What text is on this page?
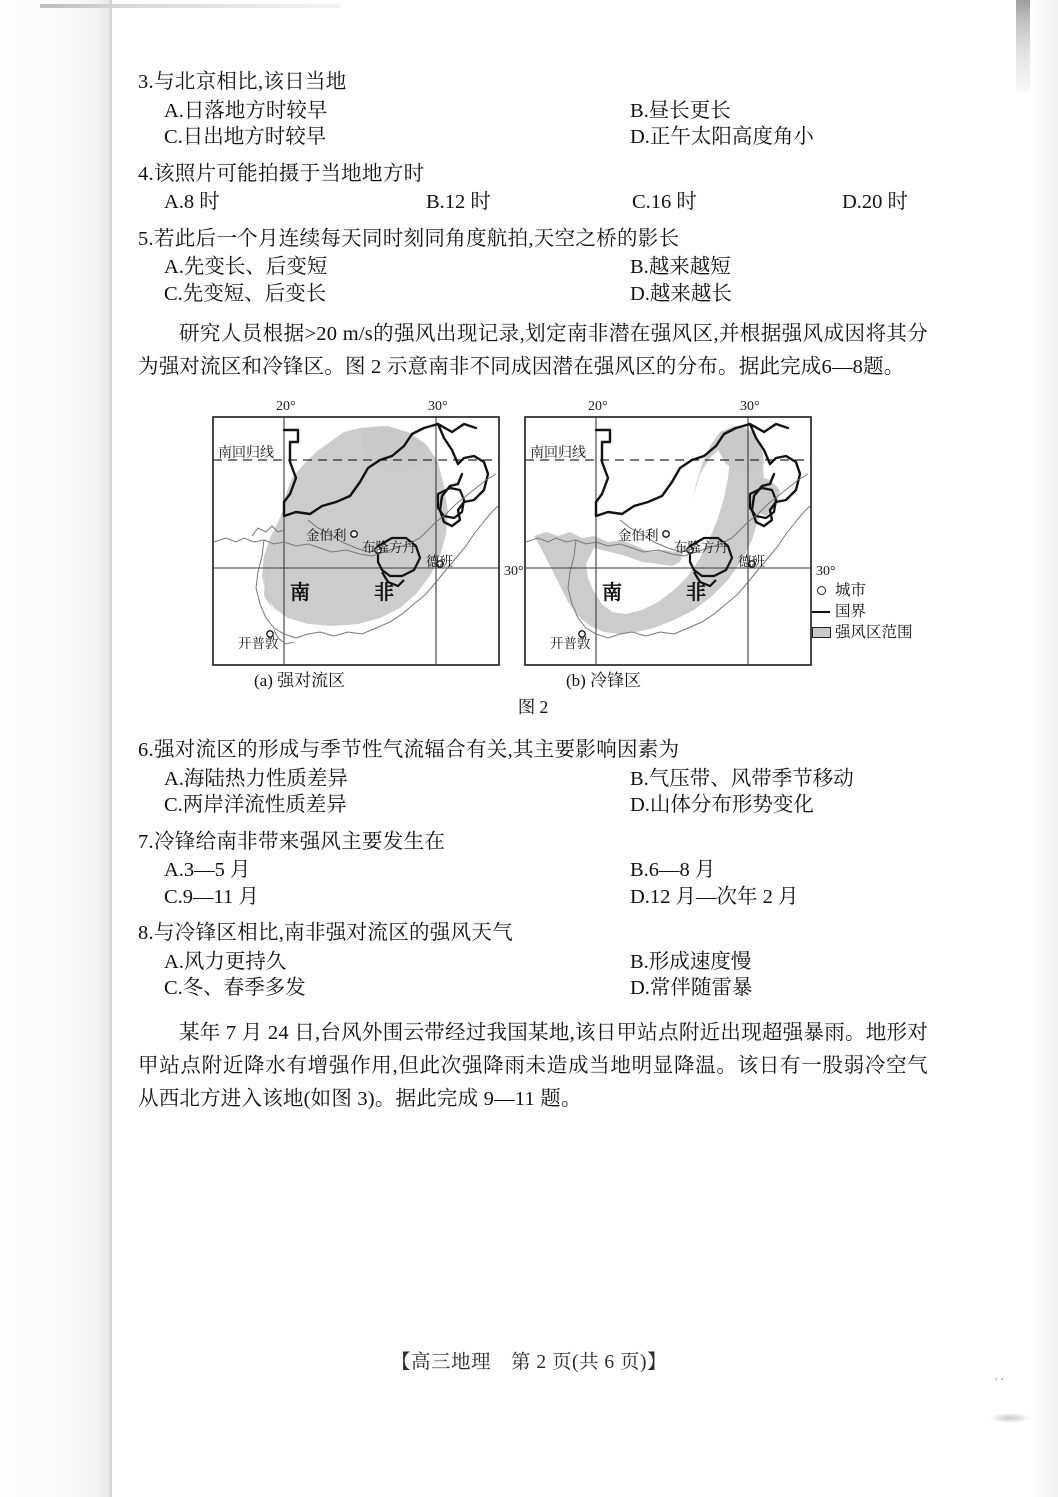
3.与北京相比,该日当地
A.日落地方时较早	B.昼长更长
C.日出地方时较早	D.正午太阳高度角小
4.该照片可能拍摄于当地地方时
A.8 时	B.12 时	C.16 时	D.20 时
5.若此后一个月连续每天同时刻同角度航拍,天空之桥的影长
A.先变长、后变短	B.越来越短
C.先变短、后变长	D.越来越长
研究人员根据>20 m/s的强风出现记录,划定南非潜在强风区,并根据强风成因将其分为强对流区和冷锋区。图 2 示意南非不同成因潜在强风区的分布。据此完成6—8题。
20°	30°
30°
南回归线
金伯利
布隆方丹
德班
开普敦
南	非
(a) 强对流区
20°	30°
30°
南回归线
金伯利
布隆方丹
德班
开普敦
南	非
(b) 冷锋区
城市
国界
强风区范围
图 2
6.强对流区的形成与季节性气流辐合有关,其主要影响因素为
A.海陆热力性质差异	B.气压带、风带季节移动
C.两岸洋流性质差异	D.山体分布形势变化
7.冷锋给南非带来强风主要发生在
A.3—5 月	B.6—8 月
C.9—11 月	D.12 月—次年 2 月
8.与冷锋区相比,南非强对流区的强风天气
A.风力更持久	B.形成速度慢
C.冬、春季多发	D.常伴随雷暴
某年 7 月 24 日,台风外围云带经过我国某地,该日甲站点附近出现超强暴雨。地形对甲站点附近降水有增强作用,但此次强降雨未造成当地明显降温。该日有一股弱冷空气从西北方进入该地(如图 3)。据此完成 9—11 题。
【高三地理　第 2 页(共 6 页)】
..
